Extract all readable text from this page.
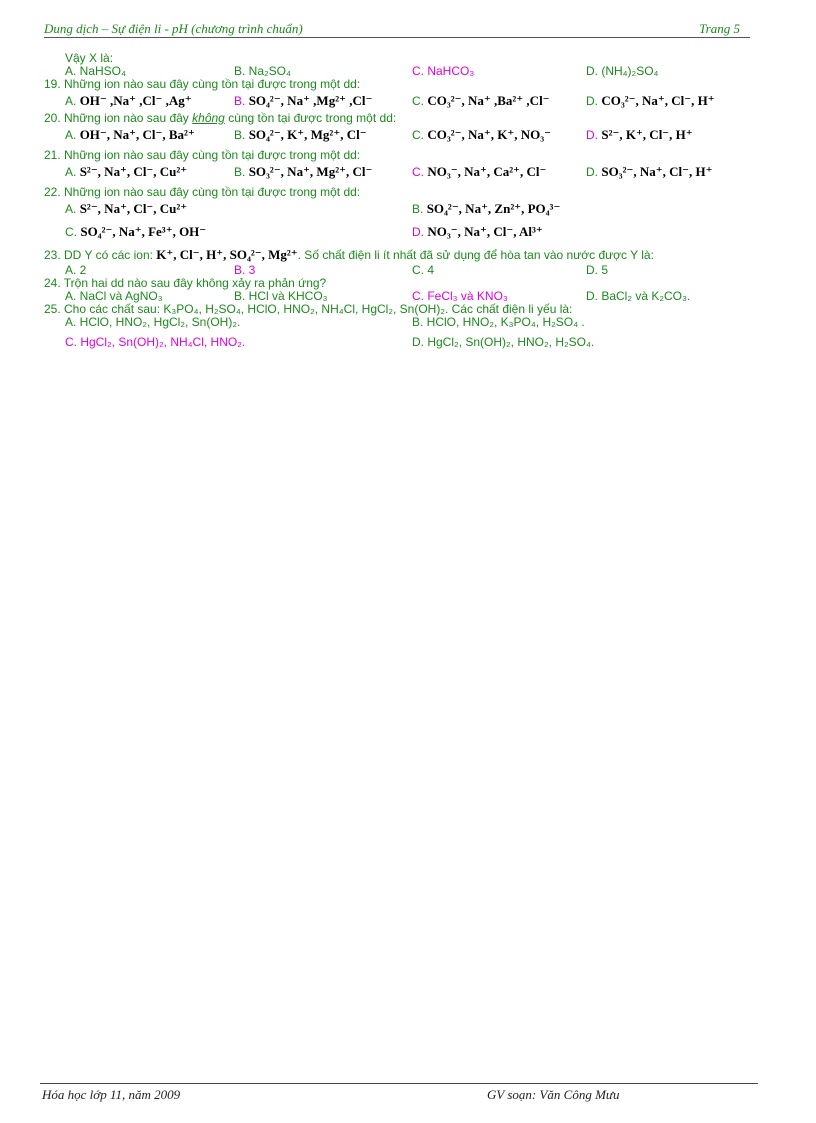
Dung dịch – Sự điện li - pH (chương trình chuẩn)	Trang 5
Vậy X là:
A. NaHSO₄	B. Na₂SO₄	C. NaHCO₃	D. (NH₄)₂SO₄
19. Những ion nào sau đây cùng tồn tại được trong một dd:
A. OH⁻ ,Na⁺ ,Cl⁻ ,Ag⁺	B. SO₄²⁻, Na⁺ ,Mg²⁺ ,Cl⁻	C. CO₃²⁻, Na⁺ ,Ba²⁺ ,Cl⁻	D. CO₃²⁻, Na⁺, Cl⁻, H⁺
20. Những ion nào sau đây không cùng tồn tại được trong một dd:
A. OH⁻, Na⁺, Cl⁻, Ba²⁺	B. SO₄²⁻, K⁺, Mg²⁺, Cl⁻	C. CO₃²⁻, Na⁺, K⁺, NO₃⁻	D. S²⁻, K⁺, Cl⁻, H⁺
21. Những ion nào sau đây cùng tồn tại được trong một dd:
A. S²⁻, Na⁺, Cl⁻, Cu²⁺	B. SO₃²⁻, Na⁺, Mg²⁺, Cl⁻	C. NO₃⁻, Na⁺, Ca²⁺, Cl⁻	D. SO₃²⁻, Na⁺, Cl⁻, H⁺
22. Những ion nào sau đây cùng tồn tại được trong một dd:
A. S²⁻, Na⁺, Cl⁻, Cu²⁺	B. SO₄²⁻, Na⁺, Zn²⁺, PO₄³⁻
C. SO₄²⁻, Na⁺, Fe³⁺, OH⁻	D. NO₃⁻, Na⁺, Cl⁻, Al³⁺
23. DD Y có các ion: K⁺, Cl⁻, H⁺, SO₄²⁻, Mg²⁺. Số chất điện li ít nhất đã sử dụng để hòa tan vào nước được Y là:
A. 2	B. 3	C. 4	D. 5
24. Trộn hai dd nào sau đây không xảy ra phản ứng?
A. NaCl và AgNO₃	B. HCl và KHCO₃	C. FeCl₃ và KNO₃	D. BaCl₂ và K₂CO₃.
25. Cho các chất sau: K₃PO₄, H₂SO₄, HClO, HNO₂, NH₄Cl, HgCl₂, Sn(OH)₂. Các chất điện li yếu là:
A. HClO, HNO₂, HgCl₂, Sn(OH)₂.	B. HClO, HNO₂, K₃PO₄, H₂SO₄ .
C. HgCl₂, Sn(OH)₂, NH₄Cl, HNO₂.	D. HgCl₂, Sn(OH)₂, HNO₂, H₂SO₄.
Hóa học lớp 11, năm 2009	GV soạn: Văn Công Mưu
